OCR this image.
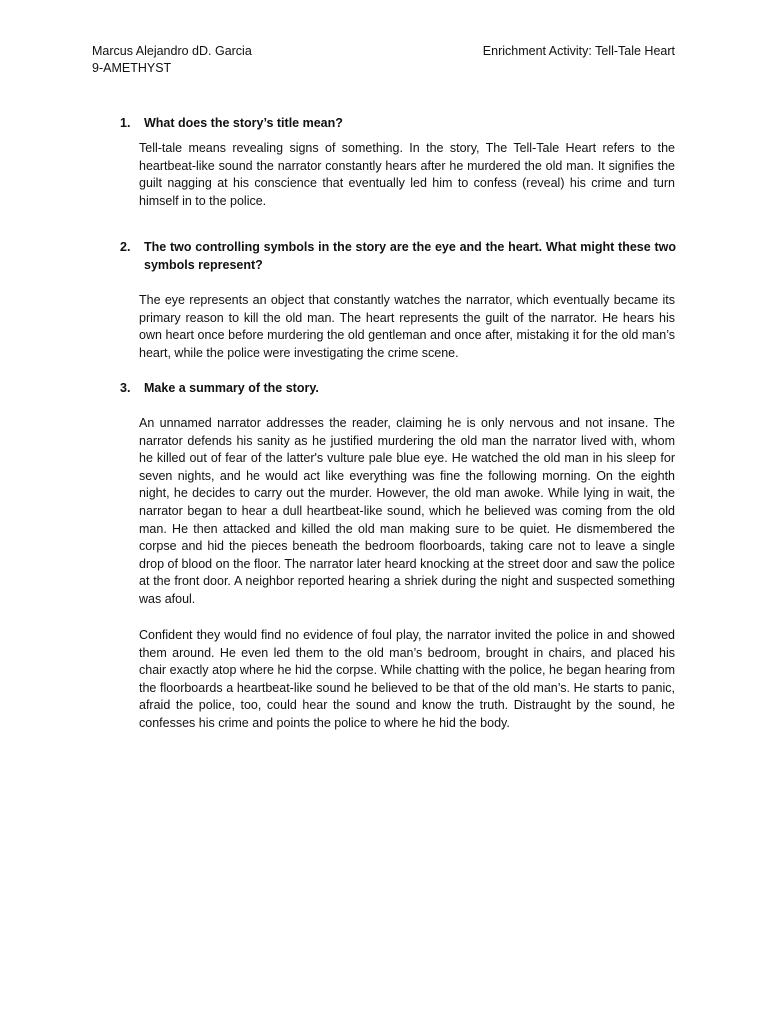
Marcus Alejandro dD. Garcia
9-AMETHYST
Enrichment Activity: Tell-Tale Heart
1.	What does the story’s title mean?
Tell-tale means revealing signs of something. In the story, The Tell-Tale Heart refers to the heartbeat-like sound the narrator constantly hears after he murdered the old man. It signifies the guilt nagging at his conscience that eventually led him to confess (reveal) his crime and turn himself in to the police.
2.	The two controlling symbols in the story are the eye and the heart. What might these two symbols represent?
The eye represents an object that constantly watches the narrator, which eventually became its primary reason to kill the old man. The heart represents the guilt of the narrator. He hears his own heart once before murdering the old gentleman and once after, mistaking it for the old man’s heart, while the police were investigating the crime scene.
3.	Make a summary of the story.
An unnamed narrator addresses the reader, claiming he is only nervous and not insane. The narrator defends his sanity as he justified murdering the old man the narrator lived with, whom he killed out of fear of the latter's vulture pale blue eye. He watched the old man in his sleep for seven nights, and he would act like everything was fine the following morning. On the eighth night, he decides to carry out the murder. However, the old man awoke. While lying in wait, the narrator began to hear a dull heartbeat-like sound, which he believed was coming from the old man. He then attacked and killed the old man making sure to be quiet. He dismembered the corpse and hid the pieces beneath the bedroom floorboards, taking care not to leave a single drop of blood on the floor. The narrator later heard knocking at the street door and saw the police at the front door. A neighbor reported hearing a shriek during the night and suspected something was afoul.
Confident they would find no evidence of foul play, the narrator invited the police in and showed them around. He even led them to the old man’s bedroom, brought in chairs, and placed his chair exactly atop where he hid the corpse. While chatting with the police, he began hearing from the floorboards a heartbeat-like sound he believed to be that of the old man’s. He starts to panic, afraid the police, too, could hear the sound and know the truth. Distraught by the sound, he confesses his crime and points the police to where he hid the body.
